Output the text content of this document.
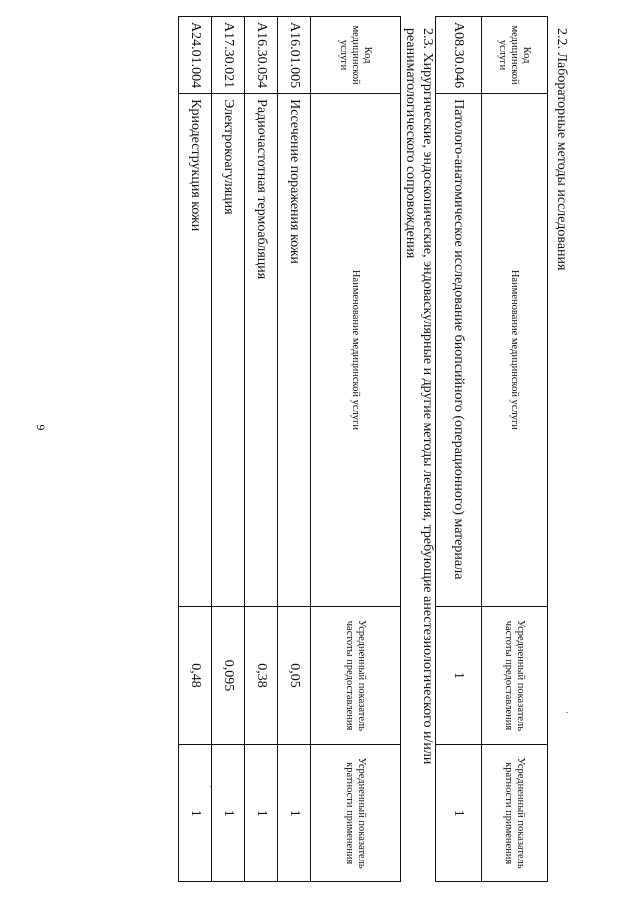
6
2.2. Лабораторные методы исследования
Код медицинской услуги	Наименование медицинской услуги	Усредненный показатель частоты предоставления	Усредненный показатель кратности применения
A08.30.046	Патолого-анатомическое исследование биопсийного (операционного) материала	1	1
2.3. Хирургические, эндоскопические, эндоваскулярные и другие методы лечения, требующие анестезиологического и/или реаниматологического сопровождения
Код медицинской услуги	Наименование медицинской услуги	Усредненный показатель частоты предоставления	Усредненный показатель кратности применения
A16.01.005	Иссечение поражения кожи	0,05	1
A16.30.054	Радиочастотная термоабляция	0,38	1
A17.30.021	Электрокоагуляция	0,095	1
A24.01.004	Криодеструкция кожи	0,48	1
